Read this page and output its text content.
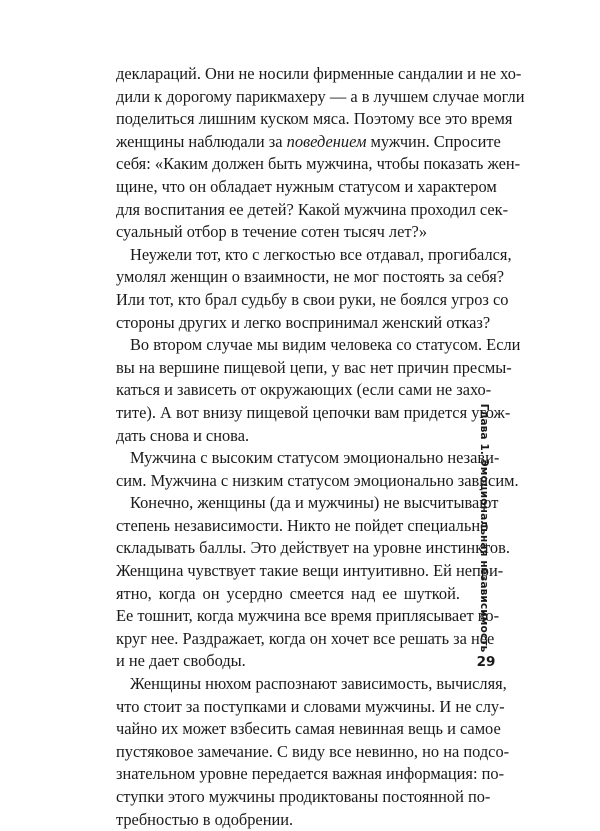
деклараций. Они не носили фирменные сандалии и не хо-
дили к дорогому парикмахеру — а в лучшем случае могли
поделиться лишним куском мяса. Поэтому все это время
женщины наблюдали за поведением мужчин. Спросите
себя: «Каким должен быть мужчина, чтобы показать жен-
щине, что он обладает нужным статусом и характером
для воспитания ее детей? Какой мужчина проходил сек-
суальный отбор в течение сотен тысяч лет?»
Неужели тот, кто с легкостью все отдавал, прогибался,
умолял женщин о взаимности, не мог постоять за себя?
Или тот, кто брал судьбу в свои руки, не боялся угроз со
стороны других и легко воспринимал женский отказ?
Во втором случае мы видим человека со статусом. Если
вы на вершине пищевой цепи, у вас нет причин пресмы-
каться и зависеть от окружающих (если сами не захо-
тите). А вот внизу пищевой цепочки вам придется угож-
дать снова и снова.
Мужчина с высоким статусом эмоционально незави-
сим. Мужчина с низким статусом эмоционально зависим.
Конечно, женщины (да и мужчины) не высчитывают
степень независимости. Никто не пойдет специально
складывать баллы. Это действует на уровне инстинктов.
Женщина чувствует такие вещи интуитивно. Ей непри-
ятно, когда он усердно смеется над ее шуткой.
Ее тошнит, когда мужчина все время приплясывает во-
круг нее. Раздражает, когда он хочет все решать за нее
и не дает свободы.
Женщины нюхом распознают зависимость, вычисляя,
что стоит за поступками и словами мужчины. И не слу-
чайно их может взбесить самая невинная вещь и самое
пустяковое замечание. С виду все невинно, но на подсо-
знательном уровне передается важная информация: по-
ступки этого мужчины продиктованы постоянной по-
требностью в одобрении.
Глава 1. Эмоциональная независимость
29
